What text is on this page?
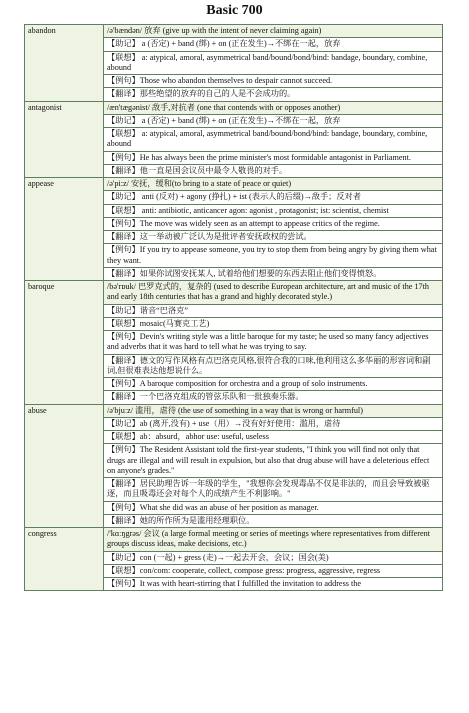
Basic 700
abandon	/ə'bændən/ 放弃 (give up with the intent of never claiming again)
	【助记】 a (否定) + band (绑) + on (正在发生)→不绑在一起，放弃
	【联想】 a: atypical, amoral, asymmetrical band/bound/bond/bind: bandage, boundary, combine, abound
	【例句】Those who abandon themselves to despair cannot succeed.
	【翻译】那些绝望的放弃的自己的人是不会成功的。
antagonist	/æn'tægənist/ 敌手,对抗者 (one that contends with or opposes another)
	【助记】 a (否定) + band (绑) + on (正在发生)→不绑在一起，放弃
	【联想】 a: atypical, amoral, asymmetrical band/bound/bond/bind: bandage, boundary, combine, abound
	【例句】He has always been the prime minister's most formidable antagonist in Parliament.
	【翻译】他一直是国会议员中最令人敬畏的对手。
appease	/ə'pi:z/ 安抚，缓和(to bring to a state of peace or quiet)
	【助记】 anti (反对) + agony (挣扎) + ist (表示人的后缀)→敌手；反对者
	【联想】 anti: antibiotic, anticancer agon: agonist , protagonist; ist: scientist, chemist
	【例句】The move was widely seen as an attempt to appease critics of the regime.
	【翻译】这一举动被广泛认为是批评者安抚政权的尝试。
	【例句】If you try to appease someone, you try to stop them from being angry by giving them what they want.
	【翻译】如果你试图安抚某人, 试着给他们想要的东西去阻止他们变得愤怒。
baroque	/bə'rɒuk/ 巴罗克式的，复杂的 (used to describe European architecture, art and music of the 17th and early 18th centuries that has a grand and highly decorated style.)
	【助记】谐音“巴洛克”
	【联想】mosaic(马赛克工艺)
	【例句】Devin's writing style was a little baroque for my taste; he used so many fancy adjectives and adverbs that it was hard to tell what he was trying to say.
	【翻译】德文的写作风格有点巴洛克风格,很符合我的口味,他利用这么多华丽的形容词和副词,但很难表达他想说什么。
	【例句】A baroque composition for orchestra and a group of solo instruments.
	【翻译】一个巴洛克组成的管弦乐队和一批独奏乐器。
abuse	/ə'bjuːz/ 滥用，虐待 (the use of something in a way that is wrong or harmful)
	【助记】ab (离开,没有) + use（用）→没有好好使用：滥用，虐待
	【联想】ab：absurd，abhor use: useful, useless
	【例句】The Resident Assistant told the first-year students, "I think you will find not only that drugs are illegal and will result in expulsion, but also that drug abuse will have a deleterious effect on anyone's grades."
	【翻译】居民助理告诉一年级的学生，"我想你会发现毒品不仅是非法的，而且会导致被驱逐，而且吸毒还会对每个人的成绩产生不利影响。"
	【例句】What she did was an abuse of her position as manager.
	【翻译】她的所作所为是滥用经理职位。
congress	/'kɑːŋgrəs/ 会议 (a large formal meeting or series of meetings where representatives from different groups discuss ideas, make decisions, etc.)
	【助记】con (一起) + gress (走)→一起去开会，会议；国会(美)
	【联想】con/com: cooperate, collect, compose gress: progress, aggressive, regress
	【例句】It was with heart-stirring that I fulfilled the invitation to address the
